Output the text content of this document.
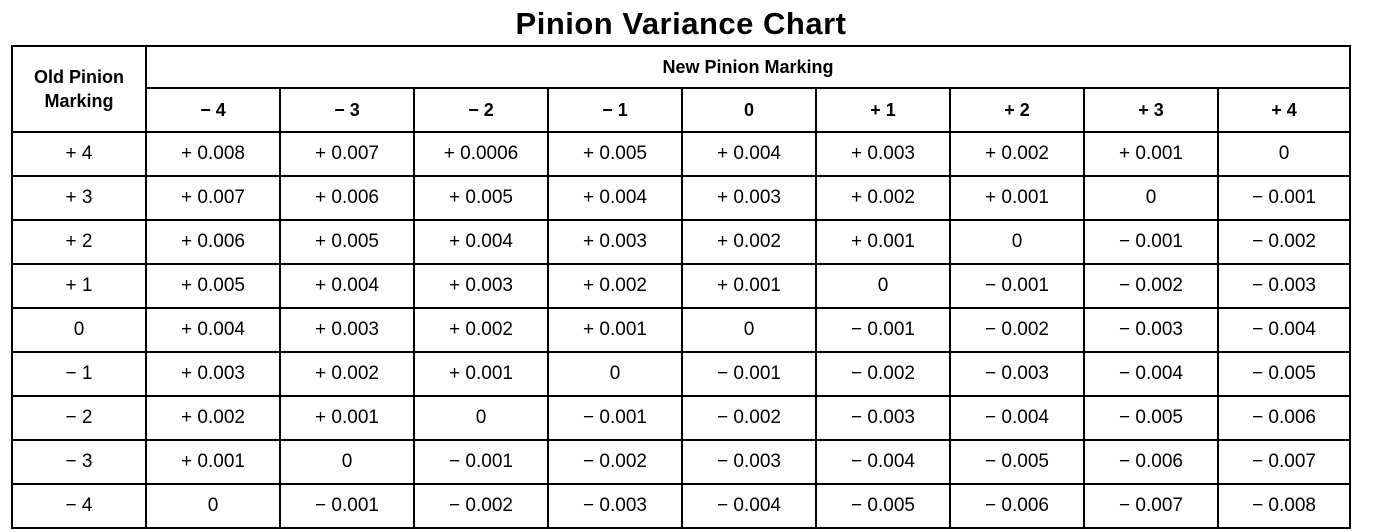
Pinion Variance Chart
Old Pinion
Marking	New Pinion Marking								
	− 4	− 3	− 2	− 1	0	+ 1	+ 2	+ 3	+ 4
+ 4	+ 0.008	+ 0.007	+ 0.0006	+ 0.005	+ 0.004	+ 0.003	+ 0.002	+ 0.001	0
+ 3	+ 0.007	+ 0.006	+ 0.005	+ 0.004	+ 0.003	+ 0.002	+ 0.001	0	− 0.001
+ 2	+ 0.006	+ 0.005	+ 0.004	+ 0.003	+ 0.002	+ 0.001	0	− 0.001	− 0.002
+ 1	+ 0.005	+ 0.004	+ 0.003	+ 0.002	+ 0.001	0	− 0.001	− 0.002	− 0.003
0	+ 0.004	+ 0.003	+ 0.002	+ 0.001	0	− 0.001	− 0.002	− 0.003	− 0.004
− 1	+ 0.003	+ 0.002	+ 0.001	0	− 0.001	− 0.002	− 0.003	− 0.004	− 0.005
− 2	+ 0.002	+ 0.001	0	− 0.001	− 0.002	− 0.003	− 0.004	− 0.005	− 0.006
− 3	+ 0.001	0	− 0.001	− 0.002	− 0.003	− 0.004	− 0.005	− 0.006	− 0.007
− 4	0	− 0.001	− 0.002	− 0.003	− 0.004	− 0.005	− 0.006	− 0.007	− 0.008
